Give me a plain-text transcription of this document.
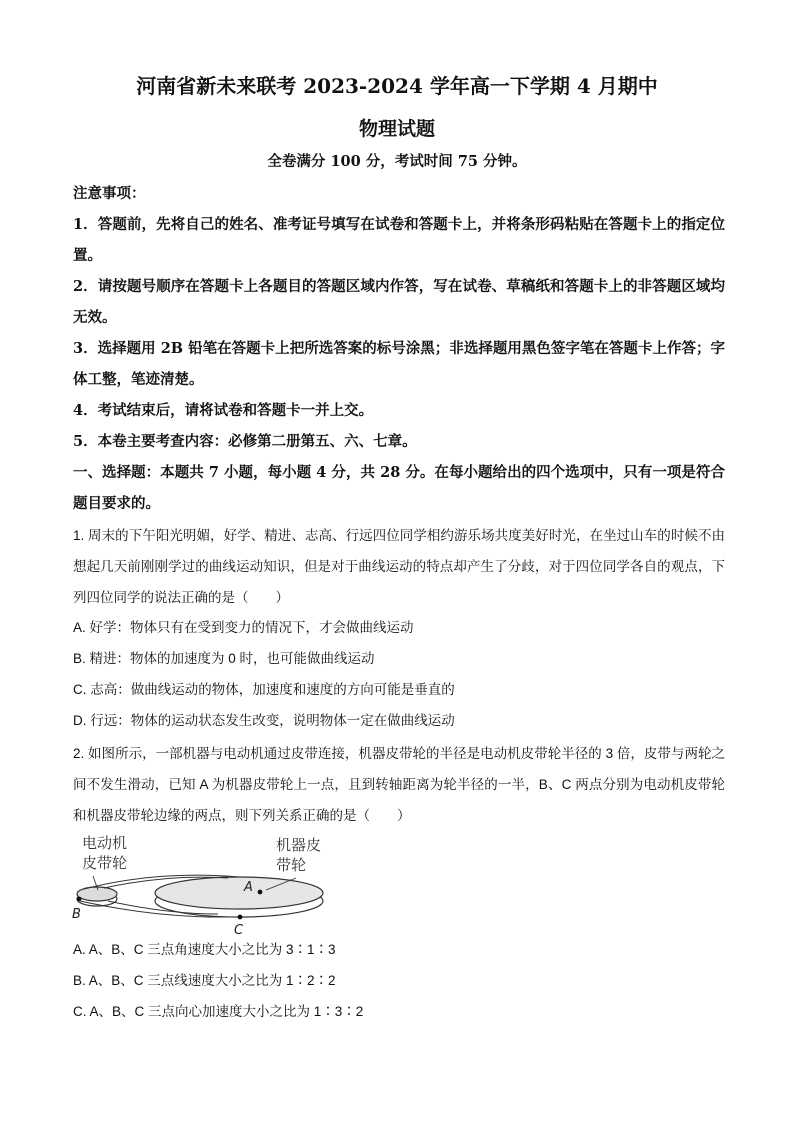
河南省新未来联考 2023-2024 学年高一下学期 4 月期中
物理试题
全卷满分 100 分，考试时间 75 分钟。
注意事项：
1．答题前，先将自己的姓名、准考证号填写在试卷和答题卡上，并将条形码粘贴在答题卡上的指定位置。
2．请按题号顺序在答题卡上各题目的答题区域内作答，写在试卷、草稿纸和答题卡上的非答题区域均无效。
3．选择题用 2B 铅笔在答题卡上把所选答案的标号涂黑；非选择题用黑色签字笔在答题卡上作答；字体工整，笔迹清楚。
4．考试结束后，请将试卷和答题卡一并上交。
5．本卷主要考查内容：必修第二册第五、六、七章。
一、选择题：本题共 7 小题，每小题 4 分，共 28 分。在每小题给出的四个选项中，只有一项是符合题目要求的。
1. 周末的下午阳光明媚，好学、精进、志高、行远四位同学相约游乐场共度美好时光，在坐过山车的时候不由想起几天前刚刚学过的曲线运动知识，但是对于曲线运动的特点却产生了分歧，对于四位同学各自的观点，下列四位同学的说法正确的是（　　）
A. 好学：物体只有在受到变力的情况下，才会做曲线运动
B. 精进：物体的加速度为 0 时，也可能做曲线运动
C. 志高：做曲线运动的物体，加速度和速度的方向可能是垂直的
D. 行远：物体的运动状态发生改变，说明物体一定在做曲线运动
2. 如图所示，一部机器与电动机通过皮带连接，机器皮带轮的半径是电动机皮带轮半径的 3 倍，皮带与两轮之间不发生滑动，已知 A 为机器皮带轮上一点，且到转轴距离为轮半径的一半，B、C 两点分别为电动机皮带轮和机器皮带轮边缘的两点，则下列关系正确的是（　　）
电动机
皮带轮
机器皮
带轮
A
B
C
A. A、B、C 三点角速度大小之比为 3∶1∶3
B. A、B、C 三点线速度大小之比为 1∶2∶2
C. A、B、C 三点向心加速度大小之比为 1∶3∶2
